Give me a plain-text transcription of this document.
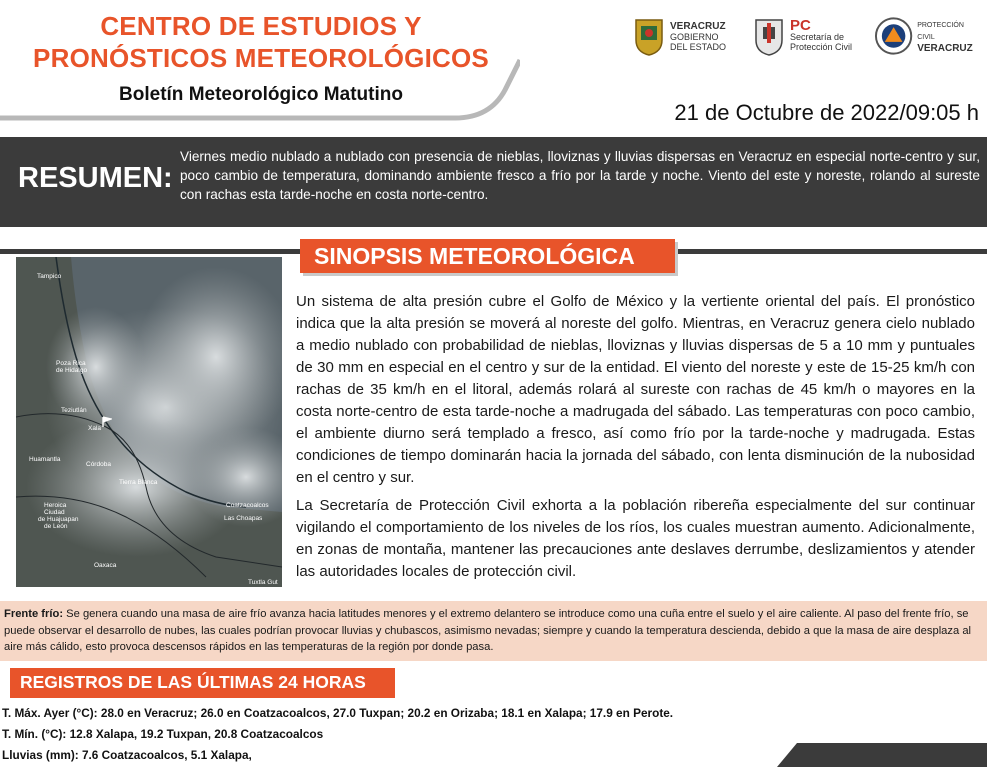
CENTRO DE ESTUDIOS Y
PRONÓSTICOS METEOROLÓGICOS
Boletín Meteorológico Matutino
VERACRUZ
GOBIERNO
DEL ESTADO
PC
Secretaría de
Protección Civil
PROTECCIÓN CIVIL
VERACRUZ
21 de Octubre de 2022/09:05 h
RESUMEN:
Viernes medio nublado a nublado con presencia de nieblas, lloviznas y lluvias dispersas en Veracruz en especial norte-centro y sur, poco cambio de temperatura, dominando ambiente fresco a frío por la tarde y noche. Viento del este y noreste, rolando al sureste con rachas esta tarde-noche en costa norte-centro.
SINOPSIS METEOROLÓGICA
Tampico
Poza Rica
de Hidalgo
Teziutlán
Xala
Huamantla
Córdoba
Tierra Blanca
Heroica
Ciudad
de Huajuapan
de León
Coatzacoalcos
Las Choapas
Oaxaca
Tuxtla Gut

Un sistema de alta presión cubre el Golfo de México y la vertiente oriental del país. El pronóstico indica que la alta presión se moverá al noreste del golfo. Mientras, en Veracruz genera cielo nublado a medio nublado con probabilidad de nieblas, lloviznas y lluvias dispersas de 5 a 10 mm y puntuales de 30 mm en especial en el centro y sur de la entidad. El viento del noreste y este de 15-25 km/h con rachas de 35 km/h en el litoral, además rolará al sureste con rachas de 45 km/h o mayores en la costa norte-centro de esta tarde-noche a madrugada del sábado. Las temperaturas con poco cambio, el ambiente diurno será templado a fresco, así como frío por la tarde-noche y madrugada. Estas condiciones de tiempo dominarán hacia la jornada del sábado, con lenta disminución de la nubosidad en el centro y sur.

La Secretaría de Protección Civil exhorta a la población ribereña especialmente del sur continuar vigilando el comportamiento de los niveles de los ríos, los cuales muestran aumento. Adicionalmente, en zonas de montaña, mantener las precauciones ante deslaves derrumbe, deslizamientos y atender las autoridades locales de protección civil.

Frente frío: Se genera cuando una masa de aire frío avanza hacia latitudes menores y el extremo delantero se introduce como una cuña entre el suelo y el aire caliente. Al paso del frente frío, se puede observar el desarrollo de nubes, las cuales podrían provocar lluvias y chubascos, asimismo nevadas; siempre y cuando la temperatura descienda, debido a que la masa de aire desplaza al aire más cálido, esto provoca descensos rápidos en las temperaturas de la región por donde pasa.
REGISTROS DE LAS ÚLTIMAS 24 HORAS
T. Máx. Ayer (°C): 28.0 en Veracruz; 26.0 en Coatzacoalcos, 27.0 Tuxpan; 20.2 en Orizaba; 18.1 en Xalapa; 17.9 en Perote.
T. Mín. (°C): 12.8 Xalapa, 19.2 Tuxpan, 20.8 Coatzacoalcos
Lluvias (mm): 7.6 Coatzacoalcos, 5.1 Xalapa,
